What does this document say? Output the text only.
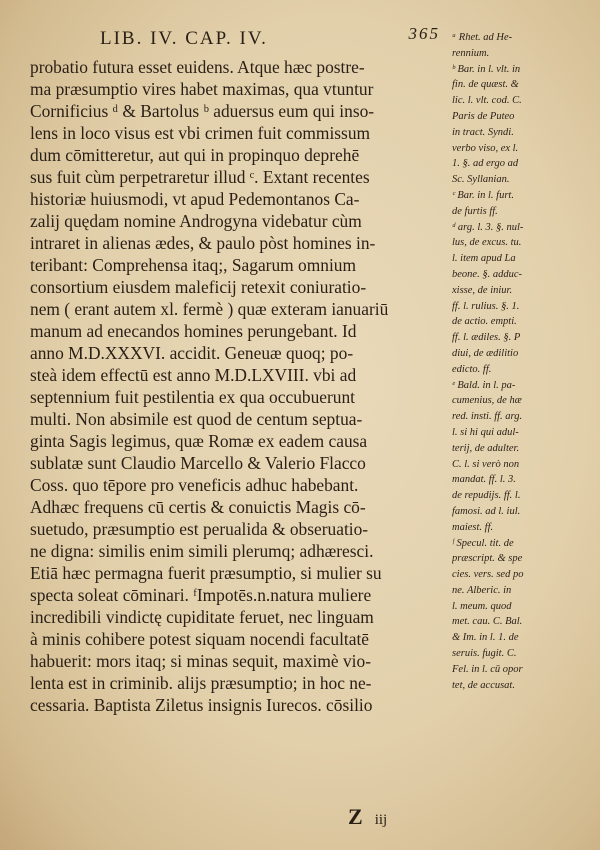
LIB. IV. CAP. IV.	365
probatio futura esset euidens. Atque hæc postre-
ma præsumptio vires habet maximas, qua vtuntur
Cornificius ᵈ & Bartolus ᵇ aduersus eum qui inso-
lens in loco visus est vbi crimen fuit commissum
dum cōmitteretur, aut qui in propinquo deprehē
sus fuit cùm perpetraretur illud ᶜ. Extant recentes
historiæ huiusmodi, vt apud Pedemontanos Ca-
zalij quędam nomine Androgyna videbatur cùm
intraret in alienas ædes, & paulo pòst homines in-
teribant: Comprehensa itaq;, Sagarum omnium
consortium eiusdem maleficij retexit coniuratio-
nem ( erant autem xl. fermè ) quæ exteram ianuariū
manum ad enecandos homines perungebant. Id
anno M.D.XXXVI. accidit. Geneuæ quoq; po-
steà idem effectū est anno M.D.LXVIII. vbi ad
septennium fuit pestilentia ex qua occubuerunt
multi. Non absimile est quod de centum septua-
ginta Sagis legimus, quæ Romæ ex eadem causa
sublatæ sunt Claudio Marcello & Valerio Flacco
Coss. quo tēpore pro veneficis adhuc habebant.
Adhæc frequens cū certis & conuictis Magis cō-
suetudo, præsumptio est perualida & obseruatio-
ne digna: similis enim simili plerumq; adhæresci.
Etiā hæc permagna fuerit præsumptio, si mulier su
specta soleat cōminari. ᶠImpotēs.n.natura muliere
incredibili vindictę cupiditate feruet, nec linguam
à minis cohibere potest siquam nocendi facultatē
habuerit: mors itaq; si minas sequit, maximè vio-
lenta est in criminib. alijs præsumptio; in hoc ne-
cessaria. Baptista Ziletus insignis Iurecos. cōsilio
ᵃ Rhet. ad He-
rennium.
ᵇ Bar. in l. vlt. in
fin. de quæst. &
lic. l. vlt. cod. C.
Paris de Puteo
in tract. Syndi.
verbo viso, ex l.
1. §. ad ergo ad
Sc. Syllanian.
ᶜ Bar. in l. furt.
de furtis ff.
ᵈ arg. l. 3. §. nul-
lus, de excus. tu.
l. item apud La
beone. §. adduc-
xisse, de iniur.
ff. l. rulius. §. 1.
de actio. empti.
ff. l. ædiles. §. P
diui, de ædilitio
edicto. ff.
ᵉ Bald. in l. pa-
cumenius, de hæ
red. insti. ff. arg.
l. si hi qui adul-
terij, de adulter.
C. l. si verò non
mandat. ff. l. 3.
de repudijs. ff. l.
famosi. ad l. iul.
maiest. ff.
ᶠ Specul. tit. de
præscript. & spe
cies. vers. sed po
ne. Alberic. in
l. meum. quod
met. cau. C. Bal.
& Im. in l. 1. de
seruis. fugit. C.
Fel. in l. cū opor
tet, de accusat.
Z iij
